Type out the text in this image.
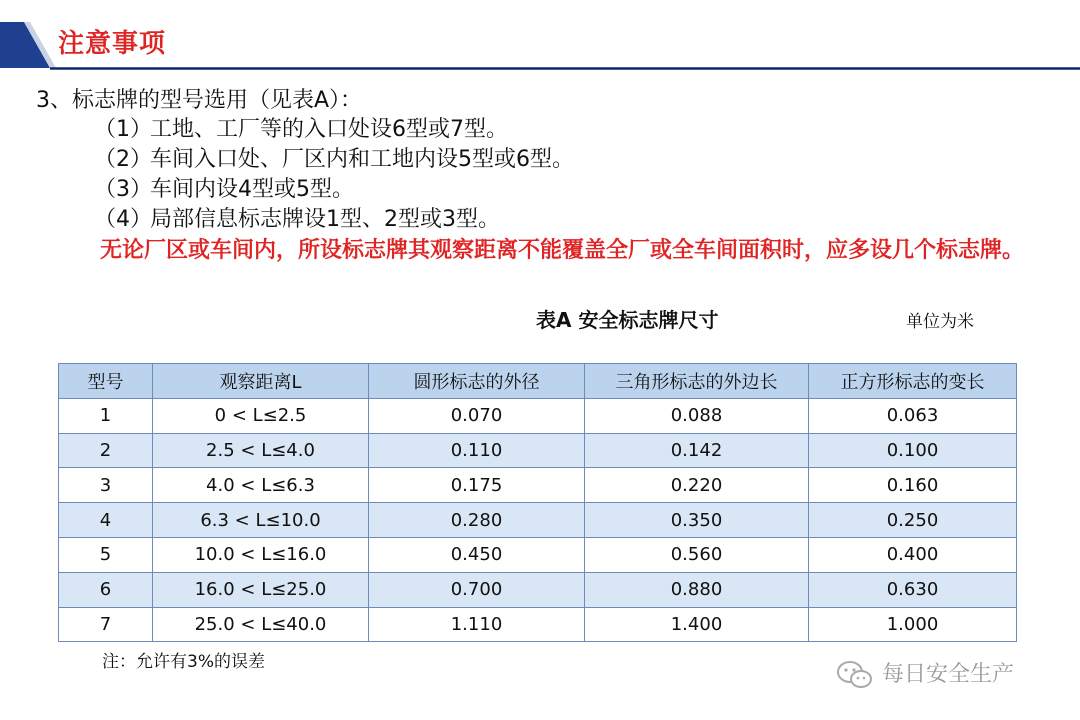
注意事项
3、标志牌的型号选用（见表A）：
（1）工地、工厂等的入口处设6型或7型。
（2）车间入口处、厂区内和工地内设5型或6型。
（3）车间内设4型或5型。
（4）局部信息标志牌设1型、2型或3型。
无论厂区或车间内，所设标志牌其观察距离不能覆盖全厂或全车间面积时，应多设几个标志牌。
表A 安全标志牌尺寸	单位为米
型号	观察距离L	圆形标志的外径	三角形标志的外边长	正方形标志的变长
1	0 < L≤2.5	0.070	0.088	0.063
2	2.5 < L≤4.0	0.110	0.142	0.100
3	4.0 < L≤6.3	0.175	0.220	0.160
4	6.3 < L≤10.0	0.280	0.350	0.250
5	10.0 < L≤16.0	0.450	0.560	0.400
6	16.0 < L≤25.0	0.700	0.880	0.630
7	25.0 < L≤40.0	1.110	1.400	1.000
注：允许有3%的误差	每日安全生产
